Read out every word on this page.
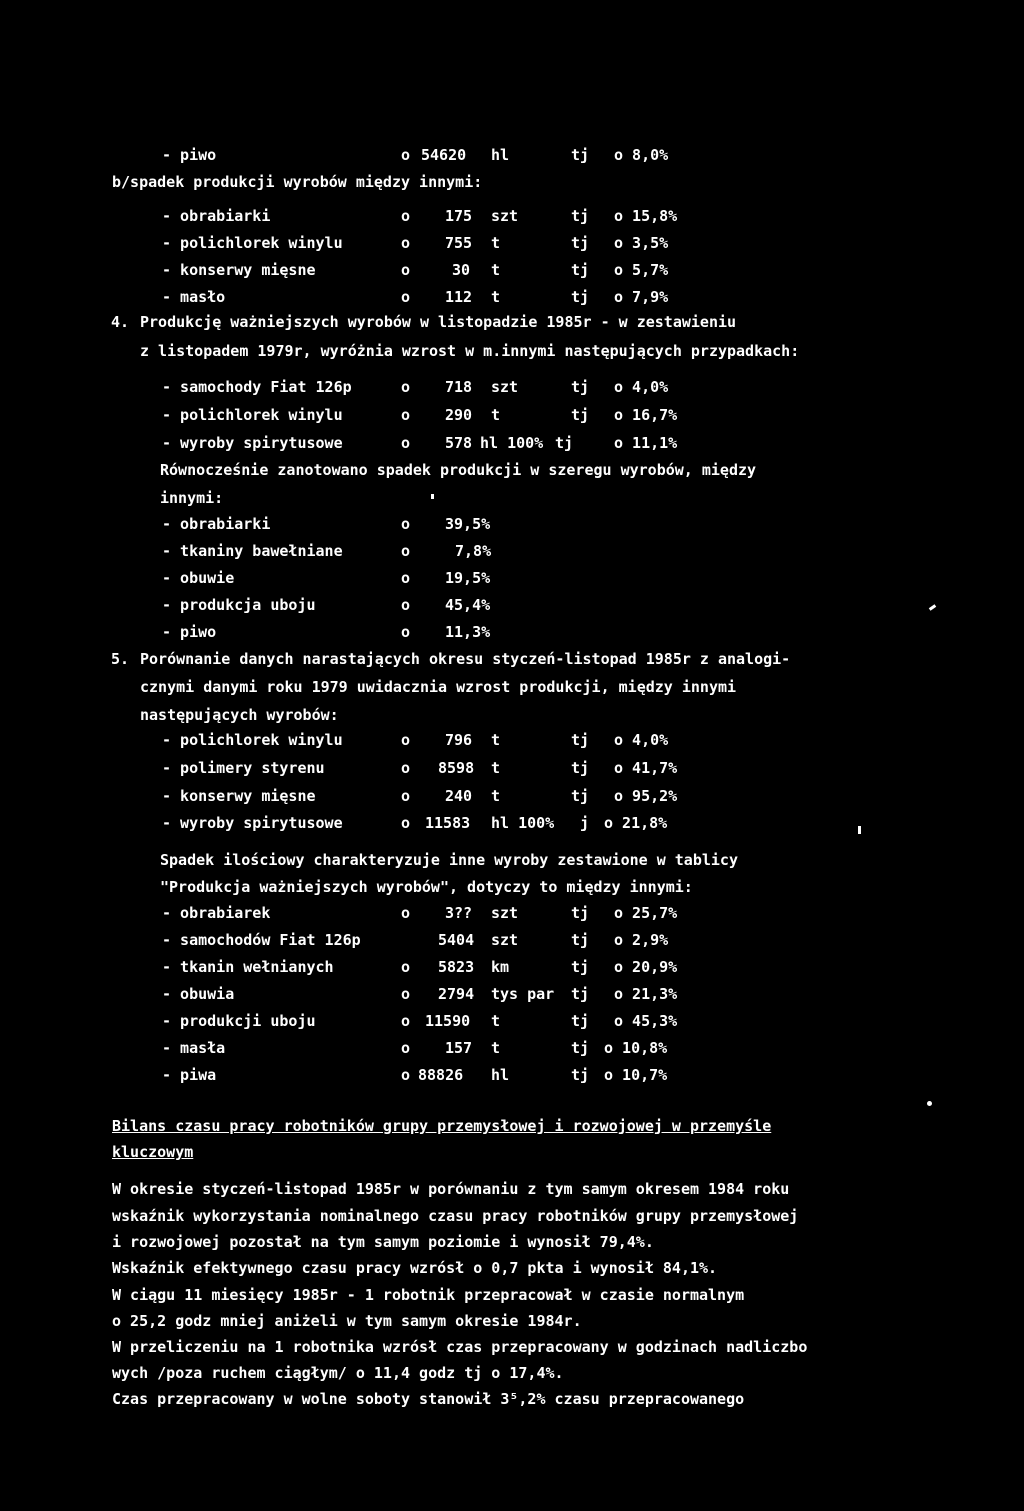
- piwo	o 54620 hl	tj o 8,0%
b/spadek produkcji wyrobów między innymi:
- obrabiarki	o 175 szt	tj o 15,8%
- polichlorek winylu	o 755 t	tj o 3,5%
- konserwy mięsne	o	30 t	tj o 5,7%
- masło	o 112 t	tj o 7,9%
4. Produkcję ważniejszych wyrobów w listopadzie 1985r - w zestawieniu
z listopadem 1979r, wyróżnia wzrost w m.innymi następujących przypadkach:
- samochody Fiat 126p	o 718 szt	tj o 4,0%
- polichlorek winylu	o 290 t	tj o 16,7%
- wyroby spirytusowe	o 578 hl 100% tj	o 11,1%
Równocześnie zanotowano spadek produkcji w szeregu wyrobów, między
innymi:
- obrabiarki	o 39,5%
- tkaniny bawełniane	o	7,8%
- obuwie	o 19,5%
- produkcja uboju	o 45,4%
- piwo	o 11,3%
5. Porównanie danych narastających okresu styczeń-listopad 1985r z analogi-
cznymi danymi roku 1979 uwidacznia wzrost produkcji, między innymi
następujących wyrobów:
- polichlorek winylu	o 796 t	tj o 4,0%
- polimery styrenu	o 8598 t	tj o 41,7%
- konserwy mięsne	o 240 t	tj o 95,2%
- wyroby spirytusowe	o 11583 hl 100% j o 21,8%
Spadek ilościowy charakteryzuje inne wyroby zestawione w tablicy
"Produkcja ważniejszych wyrobów", dotyczy to między innymi:
- obrabiarek	o 3?? szt	tj o 25,7%
- samochodów Fiat 126p	5404 szt	tj o 2,9%
- tkanin wełnianych	o 5823 km	tj o 20,9%
- obuwia	o 2794 tys par tj o 21,3%
- produkcji uboju	o 11590 t	tj o 45,3%
- masła	o 157 t	tj o 10,8%
- piwa	o 88826 hl	tj o 10,7%
Bilans czasu pracy robotników grupy przemysłowej i rozwojowej w przemyśle
kluczowym
W okresie styczeń-listopad 1985r w porównaniu z tym samym okresem 1984 roku
wskaźnik wykorzystania nominalnego czasu pracy robotników grupy przemysłowej
i rozwojowej pozostał na tym samym poziomie i wynosił 79,4%.
Wskaźnik efektywnego czasu pracy wzrósł o 0,7 pkta i wynosił 84,1%.
W ciągu 11 miesięcy 1985r - 1 robotnik przepracował w czasie normalnym
o 25,2 godz mniej aniżeli w tym samym okresie 1984r.
W przeliczeniu na 1 robotnika wzrósł czas przepracowany w godzinach nadliczbo
wych /poza ruchem ciągłym/ o 11,4 godz tj o 17,4%.
Czas przepracowany w wolne soboty stanowił 3⁵,2% czasu przepracowanego
